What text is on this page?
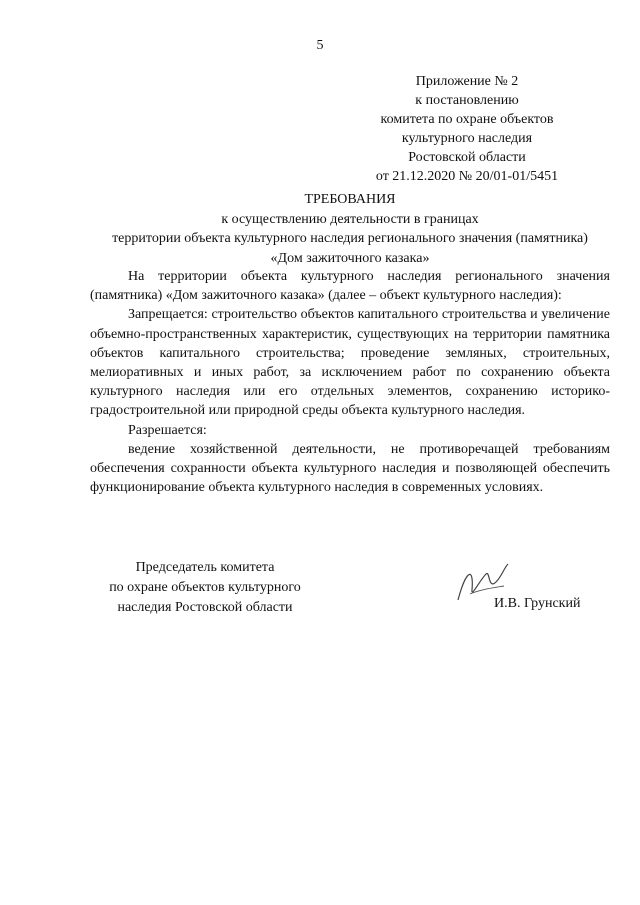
5
Приложение № 2
к постановлению
комитета по охране объектов
культурного наследия
Ростовской области
от 21.12.2020 № 20/01-01/5451
ТРЕБОВАНИЯ
к осуществлению деятельности в границах
территории объекта культурного наследия регионального значения (памятника)
«Дом зажиточного казака»

На территории объекта культурного наследия регионального значения (памятника) «Дом зажиточного казака» (далее – объект культурного наследия):

Запрещается: строительство объектов капитального строительства и увеличение объемно-пространственных характеристик, существующих на территории памятника объектов капитального строительства; проведение земляных, строительных, мелиоративных и иных работ, за исключением работ по сохранению объекта культурного наследия или его отдельных элементов, сохранению историко-градостроительной или природной среды объекта культурного наследия.

Разрешается:

ведение хозяйственной деятельности, не противоречащей требованиям обеспечения сохранности объекта культурного наследия и позволяющей обеспечить функционирование объекта культурного наследия в современных условиях.

Председатель комитета
по охране объектов культурного
наследия Ростовской области	И.В. Грунский
